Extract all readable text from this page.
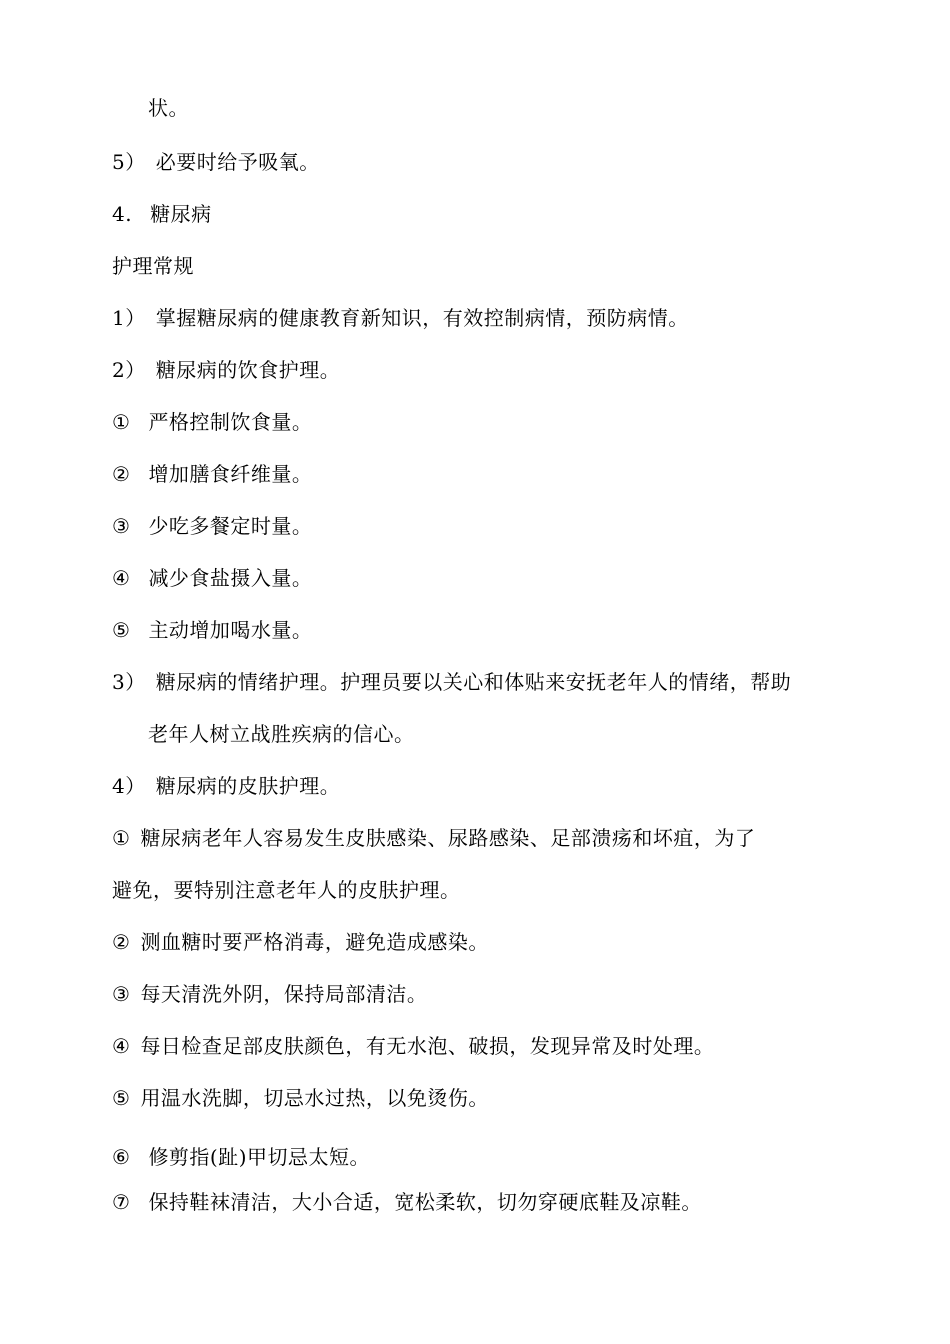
状。
5） 必要时给予吸氧。
4. 糖尿病
护理常规
1） 掌握糖尿病的健康教育新知识，有效控制病情，预防病情。
2） 糖尿病的饮食护理。
① 严格控制饮食量。
② 增加膳食纤维量。
③ 少吃多餐定时量。
④ 减少食盐摄入量。
⑤ 主动增加喝水量。
3） 糖尿病的情绪护理。护理员要以关心和体贴来安抚老年人的情绪，帮助
老年人树立战胜疾病的信心。
4） 糖尿病的皮肤护理。
① 糖尿病老年人容易发生皮肤感染、尿路感染、足部溃疡和坏疽，为了
避免，要特别注意老年人的皮肤护理。
② 测血糖时要严格消毒，避免造成感染。
③ 每天清洗外阴，保持局部清洁。
④ 每日检查足部皮肤颜色，有无水泡、破损，发现异常及时处理。
⑤ 用温水洗脚，切忌水过热，以免烫伤。
⑥ 修剪指(趾)甲切忌太短。
⑦ 保持鞋袜清洁，大小合适，宽松柔软，切勿穿硬底鞋及凉鞋。
